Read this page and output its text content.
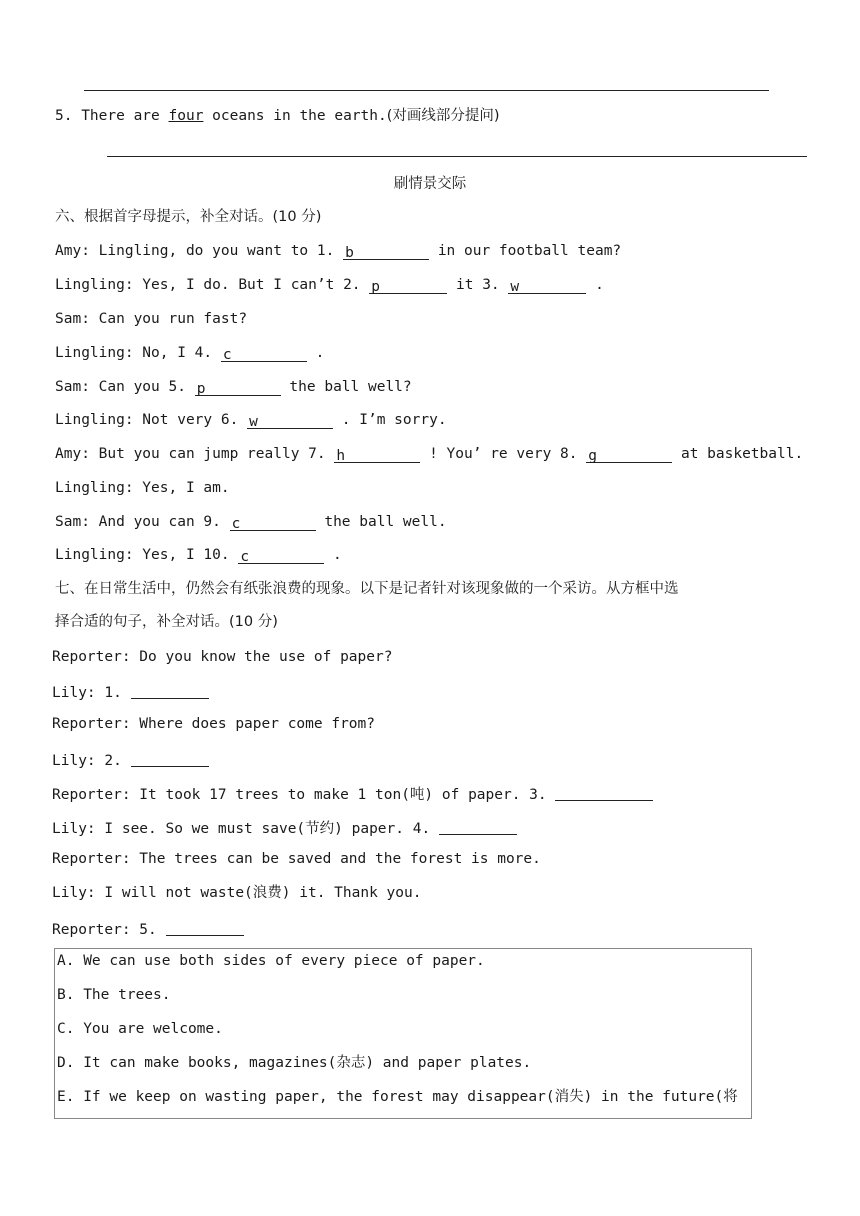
5. There are four oceans in the earth.(对画线部分提问)
刷情景交际
六、根据首字母提示，补全对话。(10 分)
Amy: Lingling, do you want to 1. b	in our football team?
Lingling: Yes, I do. But I can’t 2. p	it 3. w	.
Sam: Can you run fast?
Lingling: No, I 4. c	.
Sam: Can you 5. p	the ball well?
Lingling: Not very 6. w	. I’m sorry.
Amy: But you can jump really 7. h	! You’ re very 8. g	at basketball.
Lingling: Yes, I am.
Sam: And you can 9. c	the ball well.
Lingling: Yes, I 10. c	.
七、在日常生活中，仍然会有纸张浪费的现象。以下是记者针对该现象做的一个采访。从方框中选
择合适的句子，补全对话。(10 分)
Reporter: Do you know the use of paper?
Lily: 1.
Reporter: Where does paper come from?
Lily: 2.
Reporter: It took 17 trees to make 1 ton(吨) of paper. 3.
Lily: I see. So we must save(节约) paper. 4.
Reporter: The trees can be saved and the forest is more.
Lily: I will not waste(浪费) it. Thank you.
Reporter: 5.
A. We can use both sides of every piece of paper.
B. The trees.
C. You are welcome.
D. It can make books, magazines(杂志) and paper plates.
E. If we keep on wasting paper, the forest may disappear(消失) in the future(将
